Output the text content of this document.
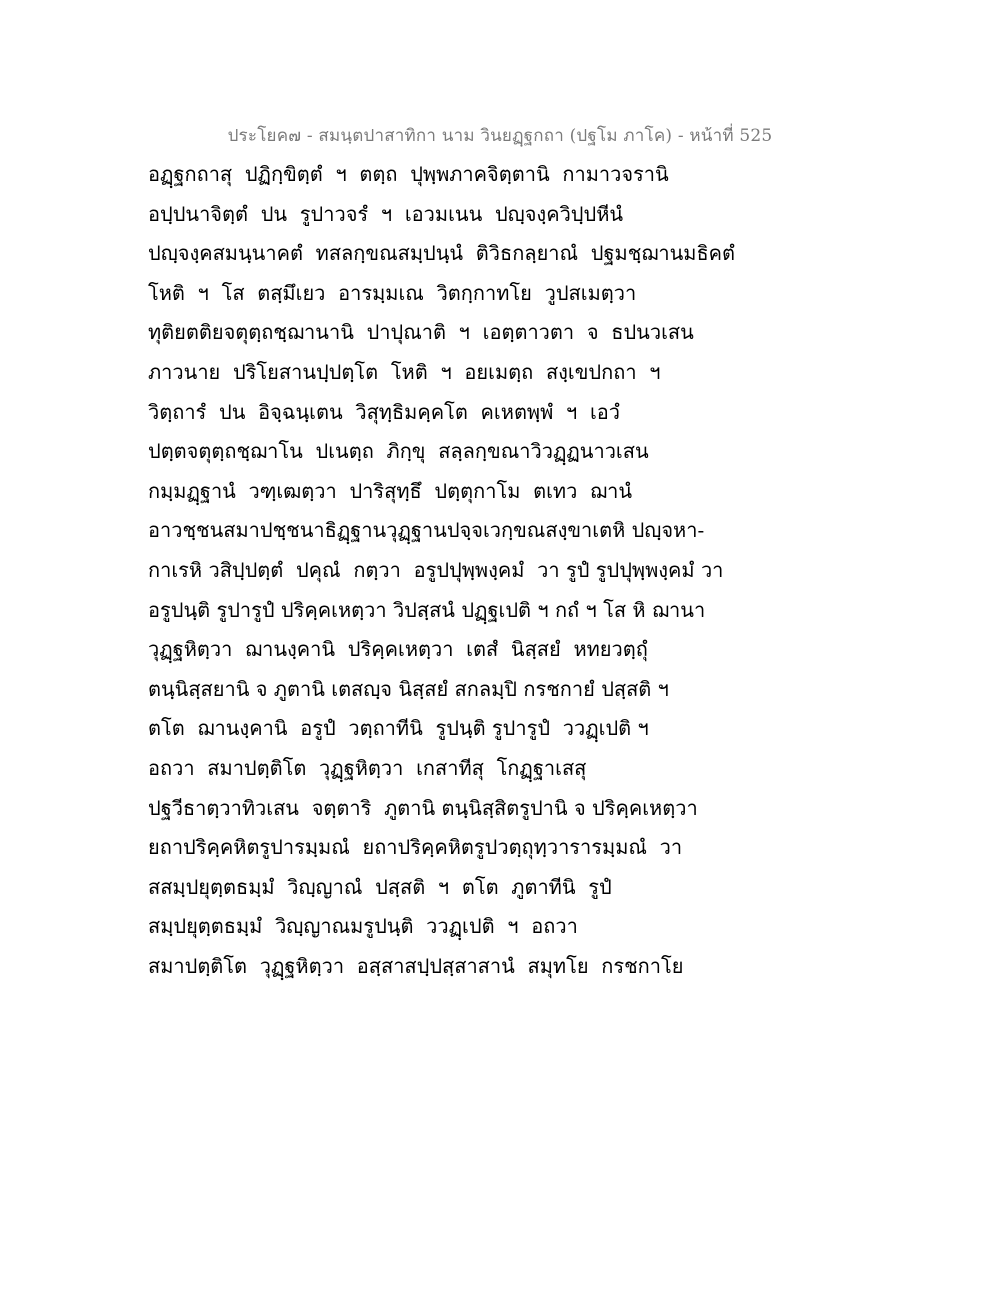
ประโยค๗ - สมนฺตปาสาทิกา นาม วินยฏฺฐกถา (ปฐโม ภาโค) - หน้าที่ 525
อฏฺฐกถาสุ  ปฏิกฺขิตฺตํ  ฯ  ตตฺถ  ปุพฺพภาคจิตฺตานิ  กามาวจรานิ
อปฺปนาจิตฺตํ  ปน  รูปาวจรํ  ฯ  เอวมเนน  ปญฺจงฺควิปฺปหีนํ
ปญฺจงฺคสมนฺนาคตํ  ทสลกฺขณสมฺปนฺนํ  ติวิธกลฺยาณํ  ปฐมชฺฌานมธิคตํ
โหติ  ฯ  โส  ตสฺมึเยว  อารมฺมเณ  วิตกฺกาทโย  วูปสเมตฺวา
ทุติยตติยจตุตฺถชฺฌานานิ  ปาปุณาติ  ฯ  เอตฺตาวตา  จ  ธปนวเสน
ภาวนาย  ปริโยสานปฺปตฺโต  โหติ  ฯ  อยเมตฺถ  สงฺเขปกถา  ฯ
วิตฺถารํ  ปน  อิจฺฉนฺเตน  วิสุทฺธิมคฺคโต  คเหตพฺพํ  ฯ  เอวํ
ปตฺตจตุตฺถชฺฌาโน  ปเนตฺถ  ภิกฺขุ  สลฺลกฺขณาวิวฏฺฏนาวเสน
กมฺมฏฺฐานํ  วฑฺเฒตฺวา  ปาริสุทฺธึ  ปตฺตุกาโม  ตเทว  ฌานํ
อาวชฺชนสมาปชฺชนาธิฏฺฐานวุฏฺฐานปจฺจเวกฺขณสงฺขาเตหิ ปญฺจหา-
กาเรหิ วสิปฺปตฺตํ  ปคุณํ  กตฺวา  อรูปปุพฺพงฺคมํ  วา รูปํ รูปปุพฺพงฺคมํ วา
อรูปนฺติ รูปารูปํ ปริคฺคเหตฺวา วิปสฺสนํ ปฏฺฐเปติ ฯ กถํ ฯ โส หิ ฌานา
วุฏฺฐหิตฺวา  ฌานงฺคานิ  ปริคฺคเหตฺวา  เตสํ  นิสฺสยํ  หทยวตฺถุํ
ตนฺนิสฺสยานิ จ ภูตานิ เตสญฺจ นิสฺสยํ สกลมฺปิ กรชกายํ ปสฺสติ ฯ
ตโต  ฌานงฺคานิ  อรูปํ  วตฺถาทีนิ  รูปนฺติ รูปารูปํ  ววฏฺเปติ ฯ
อถวา  สมาปตฺติโต  วุฏฺฐหิตฺวา  เกสาทีสุ  โกฏฺฐาเสสุ
ปฐวีธาตฺวาทิวเสน  จตฺตาริ  ภูตานิ ตนฺนิสฺสิตรูปานิ จ ปริคฺคเหตฺวา
ยถาปริคฺคหิตรูปารมฺมณํ  ยถาปริคฺคหิตรูปวตฺถุทฺวารารมฺมณํ  วา
สสมฺปยุตฺตธมฺมํ  วิญฺญาณํ  ปสฺสติ  ฯ  ตโต  ภูตาทีนิ  รูปํ
สมฺปยุตฺตธมฺมํ  วิญฺญาณมรูปนฺติ  ววฏฺเปติ  ฯ  อถวา
สมาปตฺติโต  วุฏฺฐหิตฺวา  อสฺสาสปฺปสฺสาสานํ  สมุทโย  กรชกาโย
